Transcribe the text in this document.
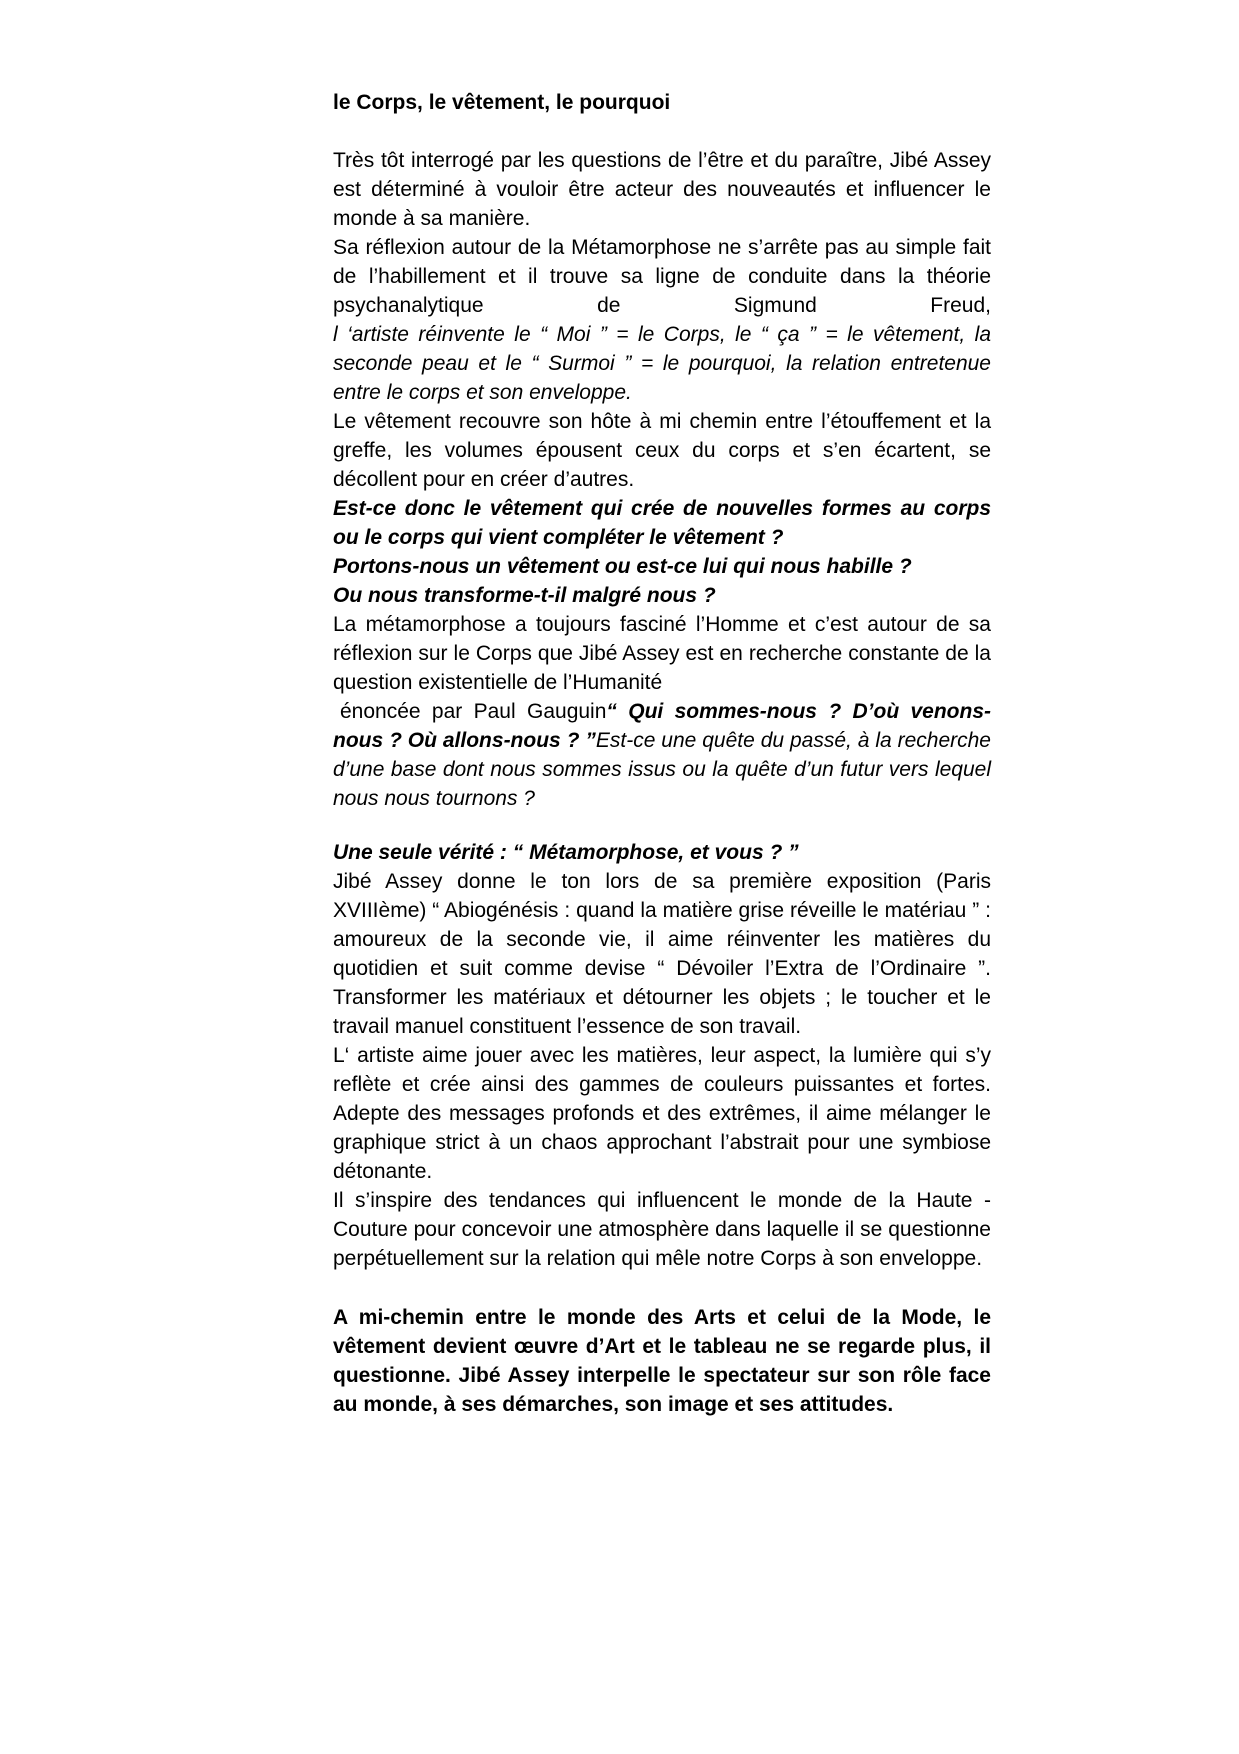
le Corps, le vêtement, le pourquoi

Très tôt interrogé par les questions de l’être et du paraître, Jibé Assey est déterminé à vouloir être acteur des nouveautés et influencer le monde à sa manière.

Sa réflexion autour de la Métamorphose ne s’arrête pas au simple fait de l’habillement et il trouve sa ligne de conduite dans la théorie psychanalytique de Sigmund Freud,

l ‘artiste réinvente le “ Moi ” = le Corps, le “ ça ” = le vêtement, la seconde peau et le “ Surmoi ” = le pourquoi, la relation entretenue entre le corps et son enveloppe.

Le vêtement recouvre son hôte à mi chemin entre l’étouffement et la greffe, les volumes épousent ceux du corps et s’en écartent, se décollent pour en créer d’autres.

Est-ce donc le vêtement qui crée de nouvelles formes au corps ou le corps qui vient compléter le vêtement ?

Portons-nous un vêtement ou est-ce lui qui nous habille ?

Ou nous transforme-t-il malgré nous ?

La métamorphose a toujours fasciné l’Homme et c’est autour de sa réflexion sur le Corps que Jibé Assey est en recherche constante de la question existentielle de l’Humanité

énoncée par Paul Gauguin“ Qui sommes-nous ? D’où venons-nous ? Où allons-nous ? ”Est-ce une quête du passé, à la recherche d’une base dont nous sommes issus ou la quête d’un futur vers lequel nous nous tournons ?

Une seule vérité : “ Métamorphose, et vous ? ”

Jibé Assey donne le ton lors de sa première exposition (Paris XVIIIème) “ Abiogénésis : quand la matière grise réveille le matériau ” : amoureux de la seconde vie, il aime réinventer les matières du quotidien et suit comme devise “ Dévoiler l’Extra de l’Ordinaire ”. Transformer les matériaux et détourner les objets ; le toucher et le travail manuel constituent l’essence de son travail.

L‘ artiste aime jouer avec les matières, leur aspect, la lumière qui s’y reflète et crée ainsi des gammes de couleurs puissantes et fortes. Adepte des messages profonds et des extrêmes, il aime mélanger le graphique strict à un chaos approchant l’abstrait pour une symbiose détonante.

Il s’inspire des tendances qui influencent le monde de la Haute - Couture pour concevoir une atmosphère dans laquelle il se questionne perpétuellement sur la relation qui mêle notre Corps à son enveloppe.

A mi-chemin entre le monde des Arts et celui de la Mode, le vêtement devient œuvre d’Art et le tableau ne se regarde plus, il questionne. Jibé Assey interpelle le spectateur sur son rôle face au monde, à ses démarches, son image et ses attitudes.
